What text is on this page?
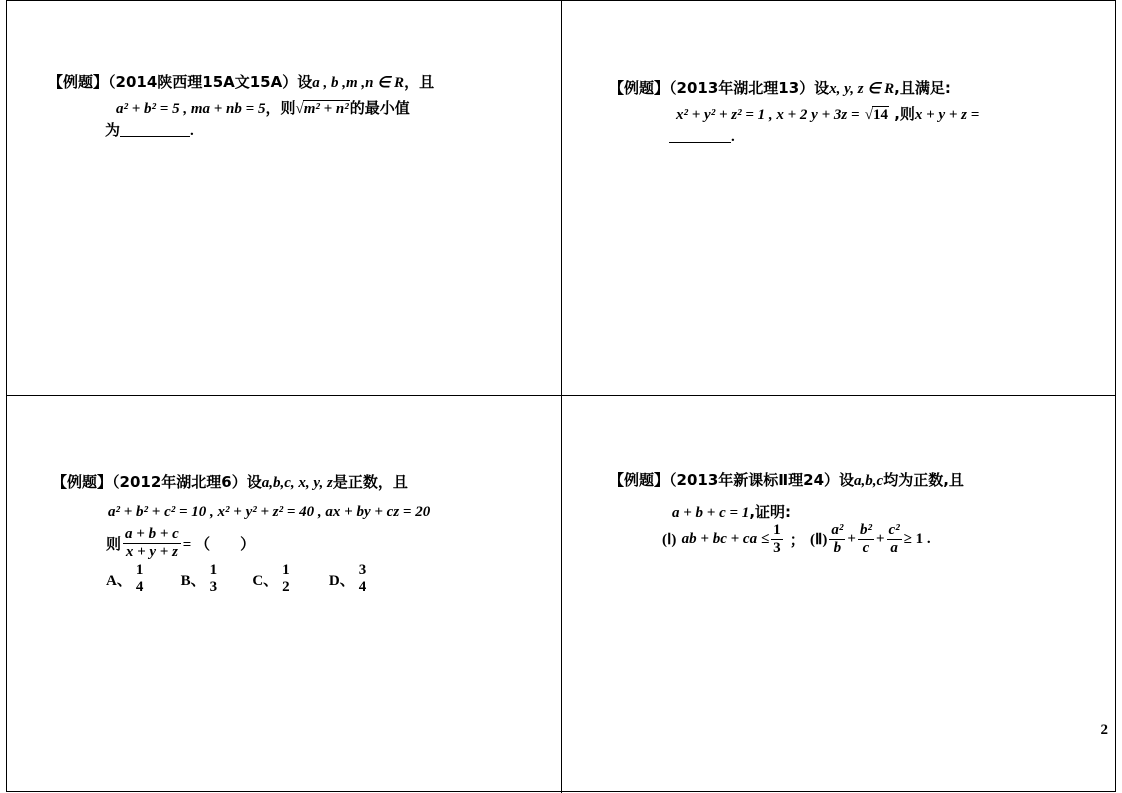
【例题】（2014陕西理15A文15A）设a , b ,m ,n ∈ R，且
a² + b² = 5 , ma + nb = 5，则√m² + n²的最小值
为	.
【例题】（2013年湖北理13）设x, y, z ∈ R,且满足:
x² + y² + z² = 1 , x + 2 y + 3z = √14 ,则x + y + z =
.
【例题】（2012年湖北理6）设a,b,c, x, y, z是正数，且
a² + b² + c² = 10 , x² + y² + z² = 40 , ax + by + cz = 20
则 $\frac{a + b + c}{x + y + z}$ = （　　）
A、
1
4 B、
1
3 C、
1
2	D、
3
4
【例题】（2013年新课标Ⅱ理24）设a,b,c均为正数,且
a + b + c = 1,证明:
(Ⅰ) ab + bc + ca ≤ $\frac{1}{3}$ ； (Ⅱ) $\frac{\text{a²}}{b} + \frac{\text{b²}}{c} + \frac{\text{c²}}{a} \ge 1$ .
2
